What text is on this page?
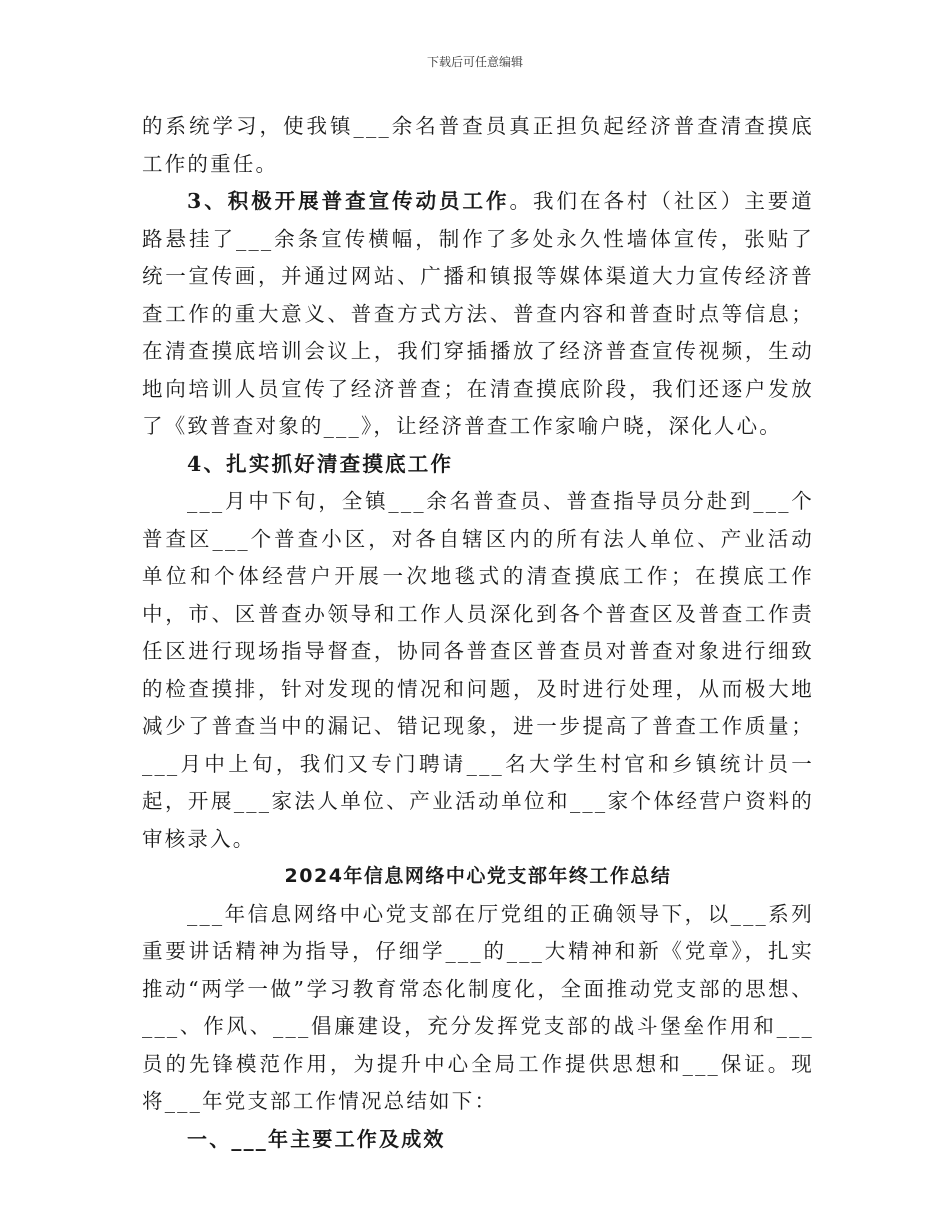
下载后可任意编辑

的系统学习，使我镇___余名普查员真正担负起经济普查清查摸底工作的重任。

3、积极开展普查宣传动员工作。我们在各村（社区）主要道路悬挂了___余条宣传横幅，制作了多处永久性墙体宣传，张贴了统一宣传画，并通过网站、广播和镇报等媒体渠道大力宣传经济普查工作的重大意义、普查方式方法、普查内容和普查时点等信息；在清查摸底培训会议上，我们穿插播放了经济普查宣传视频，生动地向培训人员宣传了经济普查；在清查摸底阶段，我们还逐户发放了《致普查对象的___》，让经济普查工作家喻户晓，深化人心。

4、扎实抓好清查摸底工作

___月中下旬，全镇___余名普查员、普查指导员分赴到___个普查区___个普查小区，对各自辖区内的所有法人单位、产业活动单位和个体经营户开展一次地毯式的清查摸底工作；在摸底工作中，市、区普查办领导和工作人员深化到各个普查区及普查工作责任区进行现场指导督查，协同各普查区普查员对普查对象进行细致的检查摸排，针对发现的情况和问题，及时进行处理，从而极大地减少了普查当中的漏记、错记现象，进一步提高了普查工作质量；___月中上旬，我们又专门聘请___名大学生村官和乡镇统计员一起，开展___家法人单位、产业活动单位和___家个体经营户资料的审核录入。

2024年信息网络中心党支部年终工作总结

___年信息网络中心党支部在厅党组的正确领导下，以___系列重要讲话精神为指导，仔细学___的___大精神和新《党章》，扎实推动“两学一做”学习教育常态化制度化，全面推动党支部的思想、___、作风、___倡廉建设，充分发挥党支部的战斗堡垒作用和___员的先锋模范作用，为提升中心全局工作提供思想和___保证。现将___年党支部工作情况总结如下：

一、___年主要工作及成效
